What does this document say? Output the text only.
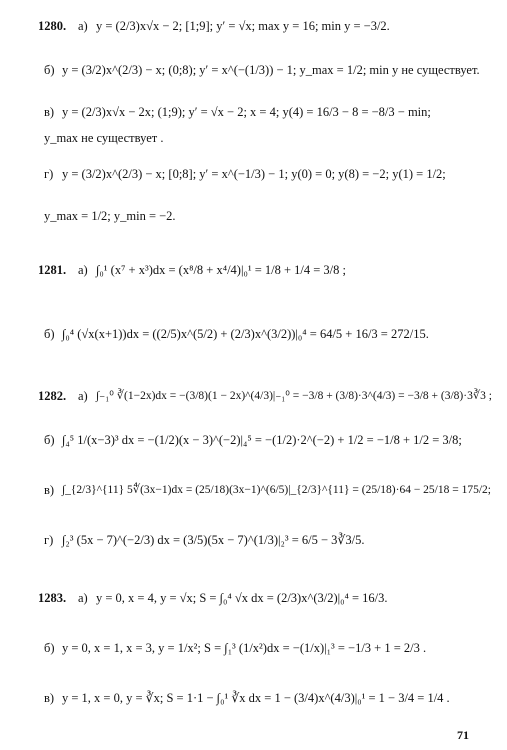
1280. а) y = (2/3)x√x − 2; [1;9]; y′ = √x; max y = 16; min y = −3/2.
б) y = (3/2)x^(2/3) − x; (0;8); y′ = x^(−(1/3)) − 1; y_max = 1/2; min y не существует.
в) y = (2/3)x√x − 2x; (1;9); y′ = √x − 2; x = 4; y(4) = 16/3 − 8 = −8/3 − min;
y_max не существует .
г) y = (3/2)x^(2/3) − x; [0;8]; y′ = x^(−1/3) − 1; y(0) = 0; y(8) = −2; y(1) = 1/2;
y_max = 1/2; y_min = −2.
1281. а) ∫₀¹ (x⁷ + x³)dx = (x⁸/8 + x⁴/4)|₀¹ = 1/8 + 1/4 = 3/8 ;
б) ∫₀⁴ (√x(x+1))dx = ((2/5)x^(5/2) + (2/3)x^(3/2))|₀⁴ = 64/5 + 16/3 = 272/15.
1282. а) ∫₋₁⁰ ∛(1−2x)dx = −(3/8)(1 − 2x)^(4/3)|₋₁⁰ = −3/8 + (3/8)·3^(4/3) = −3/8 + (3/8)·3∛3 ;
б) ∫₄⁵ 1/(x−3)³ dx = −(1/2)(x − 3)^(−2)|₄⁵ = −(1/2)·2^(−2) + 1/2 = −1/8 + 1/2 = 3/8;
в) ∫_{2/3}^{11} 5∜(3x−1)dx = (25/18)(3x−1)^(6/5)|_{2/3}^{11} = (25/18)·64 − 25/18 = 175/2;
г) ∫₂³ (5x − 7)^(−2/3) dx = (3/5)(5x − 7)^(1/3)|₂³ = 6/5 − 3∛3/5.
1283. а) y = 0, x = 4, y = √x; S = ∫₀⁴ √x dx = (2/3)x^(3/2)|₀⁴ = 16/3.
б) y = 0, x = 1, x = 3, y = 1/x²; S = ∫₁³ (1/x²)dx = −(1/x)|₁³ = −1/3 + 1 = 2/3 .
в) y = 1, x = 0, y = ∛x; S = 1·1 − ∫₀¹ ∛x dx = 1 − (3/4)x^(4/3)|₀¹ = 1 − 3/4 = 1/4 .
71
